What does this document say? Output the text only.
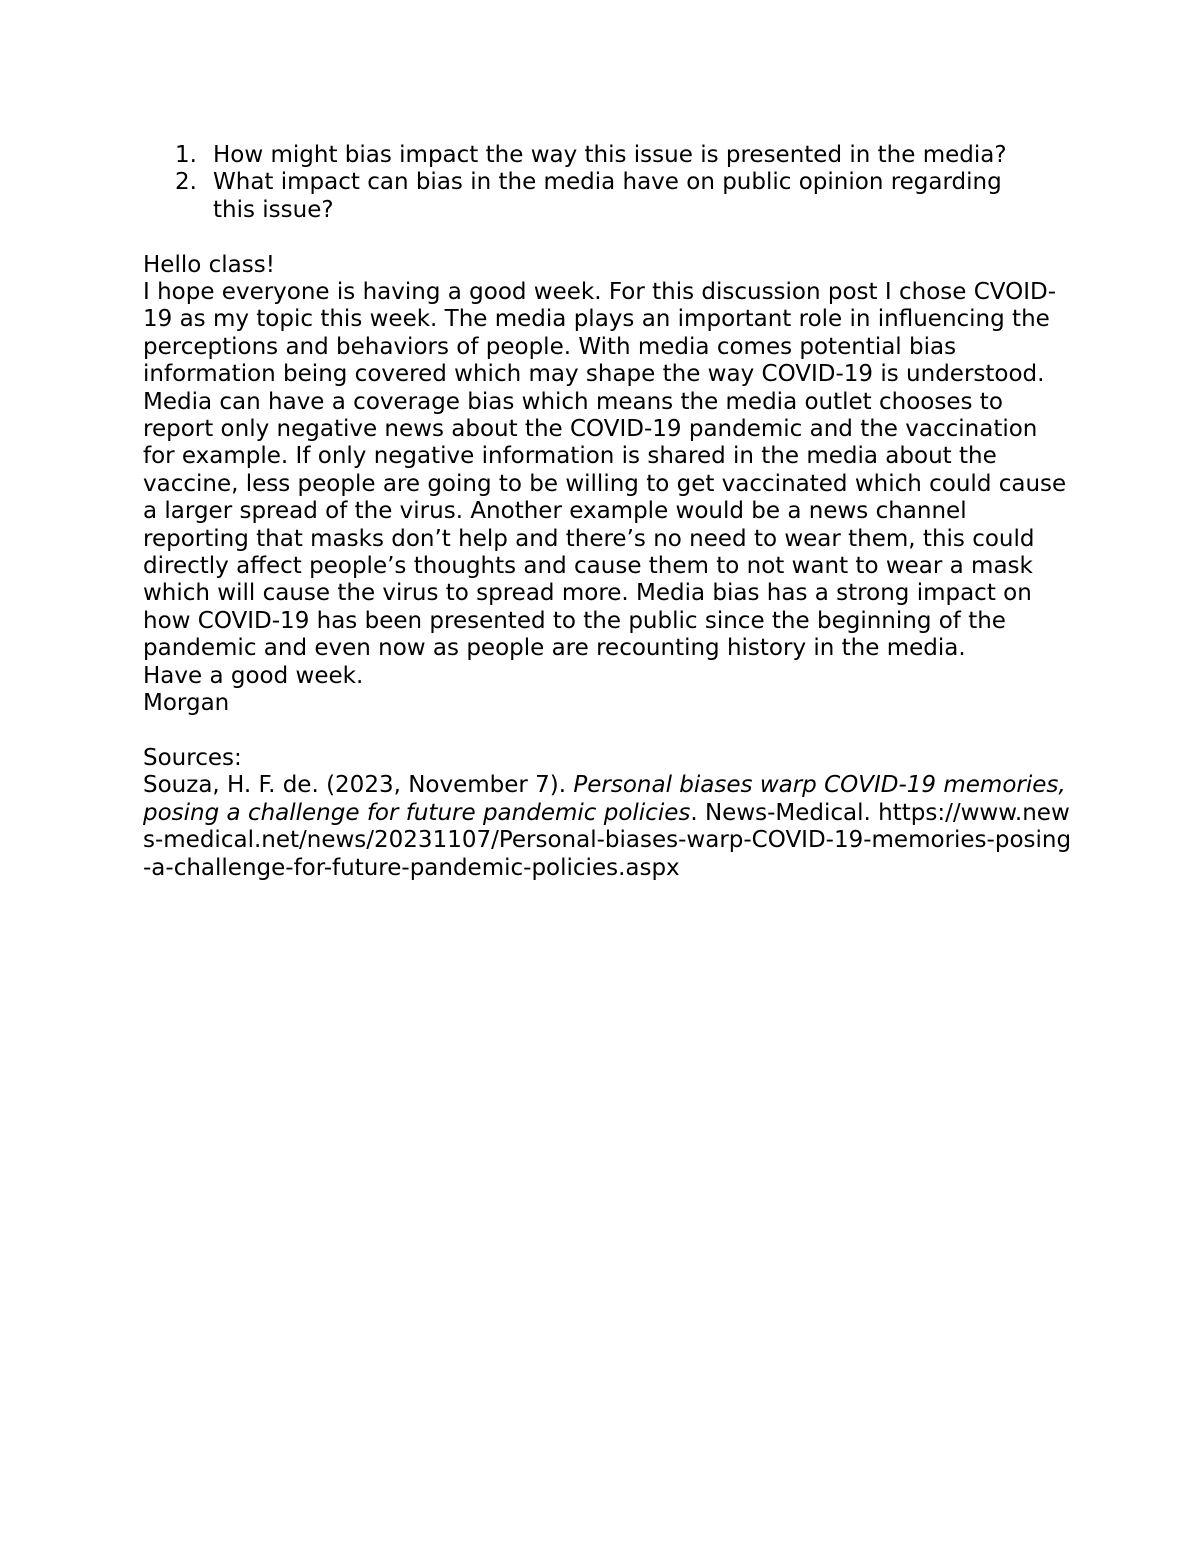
1. How might bias impact the way this issue is presented in the media?
2. What impact can bias in the media have on public opinion regarding this issue?

Hello class!

I hope everyone is having a good week. For this discussion post I chose CVOID-19 as my topic this week. The media plays an important role in influencing the perceptions and behaviors of people. With media comes potential bias information being covered which may shape the way COVID-19 is understood. Media can have a coverage bias which means the media outlet chooses to report only negative news about the COVID-19 pandemic and the vaccination for example. If only negative information is shared in the media about the vaccine, less people are going to be willing to get vaccinated which could cause a larger spread of the virus. Another example would be a news channel reporting that masks don’t help and there’s no need to wear them, this could directly affect people’s thoughts and cause them to not want to wear a mask which will cause the virus to spread more. Media bias has a strong impact on how COVID-19 has been presented to the public since the beginning of the pandemic and even now as people are recounting history in the media.

Have a good week.

Morgan

Sources:

Souza, H. F. de. (2023, November 7). Personal biases warp COVID-19 memories, posing a challenge for future pandemic policies. News-Medical. https://www.news-medical.net/news/20231107/Personal-biases-warp-COVID-19-memories-posing-a-challenge-for-future-pandemic-policies.aspx
